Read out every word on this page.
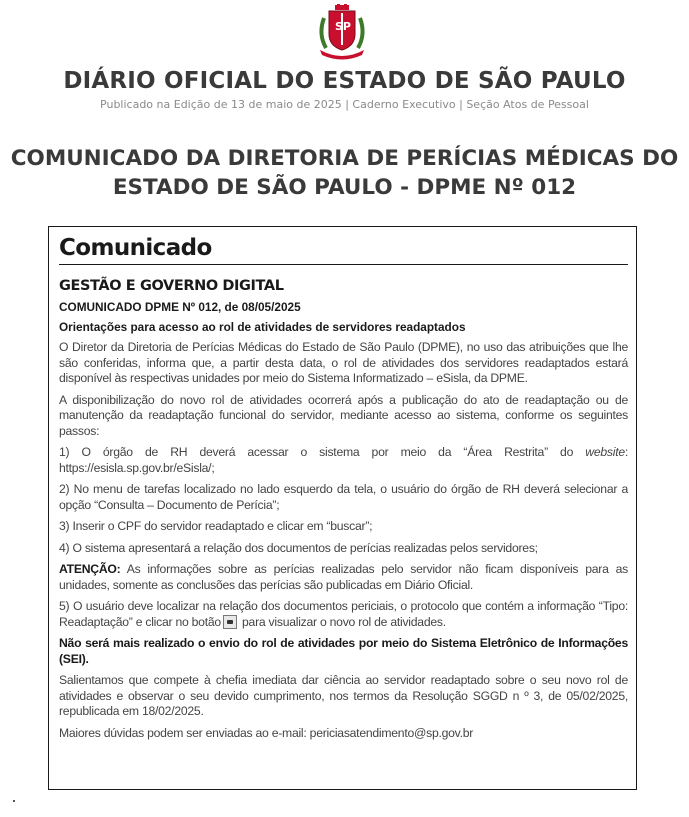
SP
DIÁRIO OFICIAL DO ESTADO DE SÃO PAULO
Publicado na Edição de 13 de maio de 2025 | Caderno Executivo | Seção Atos de Pessoal
COMUNICADO DA DIRETORIA DE PERÍCIAS MÉDICAS DO
ESTADO DE SÃO PAULO - DPME Nº 012
Comunicado
GESTÃO E GOVERNO DIGITAL
COMUNICADO DPME Nº 012, de 08/05/2025
Orientações para acesso ao rol de atividades de servidores readaptados
O Diretor da Diretoria de Perícias Médicas do Estado de São Paulo (DPME), no uso das atribuições que lhe são conferidas, informa que, a partir desta data, o rol de atividades dos servidores readaptados estará disponível às respectivas unidades por meio do Sistema Informatizado – eSisla, da DPME.
A disponibilização do novo rol de atividades ocorrerá após a publicação do ato de readaptação ou de manutenção da readaptação funcional do servidor, mediante acesso ao sistema, conforme os seguintes passos:
1) O órgão de RH deverá acessar o sistema por meio da “Área Restrita” do website: https://esisla.sp.gov.br/eSisla/;
2) No menu de tarefas localizado no lado esquerdo da tela, o usuário do órgão de RH deverá selecionar a opção “Consulta – Documento de Perícia”;
3) Inserir o CPF do servidor readaptado e clicar em “buscar”;
4) O sistema apresentará a relação dos documentos de perícias realizadas pelos servidores;
ATENÇÃO: As informações sobre as perícias realizadas pelo servidor não ficam disponíveis para as unidades, somente as conclusões das perícias são publicadas em Diário Oficial.
5) O usuário deve localizar na relação dos documentos periciais, o protocolo que contém a informação “Tipo: Readaptação” e clicar no botão para visualizar o novo rol de atividades.
Não será mais realizado o envio do rol de atividades por meio do Sistema Eletrônico de Informações (SEI).
Salientamos que compete à chefia imediata dar ciência ao servidor readaptado sobre o seu novo rol de atividades e observar o seu devido cumprimento, nos termos da Resolução SGGD n º 3, de 05/02/2025, republicada em 18/02/2025.
Maiores dúvidas podem ser enviadas ao e-mail: periciasatendimento@sp.gov.br
